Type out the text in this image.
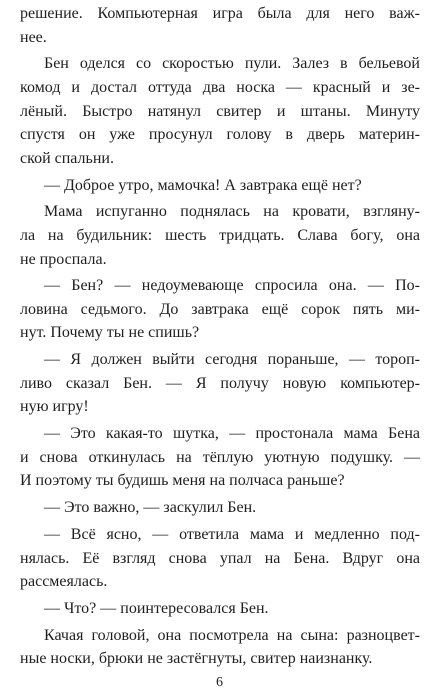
решение. Компьютерная игра была для него важ-
нее.
Бен оделся со скоростью пули. Залез в бельевой
комод и достал оттуда два носка — красный и зе-
лёный. Быстро натянул свитер и штаны. Минуту
спустя он уже просунул голову в дверь материн-
ской спальни.
— Доброе утро, мамочка! А завтрака ещё нет?
Мама испуганно поднялась на кровати, взгляну-
ла на будильник: шесть тридцать. Слава богу, она
не проспала.
— Бен? — недоумевающе спросила она. — По-
ловина седьмого. До завтрака ещё сорок пять ми-
нут. Почему ты не спишь?
— Я должен выйти сегодня пораньше, — тороп-
ливо сказал Бен. — Я получу новую компьютер-
ную игру!
— Это какая-то шутка, — простонала мама Бена
и снова откинулась на тёплую уютную подушку. —
И поэтому ты будишь меня на полчаса раньше?
— Это важно, — заскулил Бен.
— Всё ясно, — ответила мама и медленно под-
нялась. Её взгляд снова упал на Бена. Вдруг она
рассмеялась.
— Что? — поинтересовался Бен.
Качая головой, она посмотрела на сына: разноцвет-
ные носки, брюки не застёгнуты, свитер наизнанку.
6
